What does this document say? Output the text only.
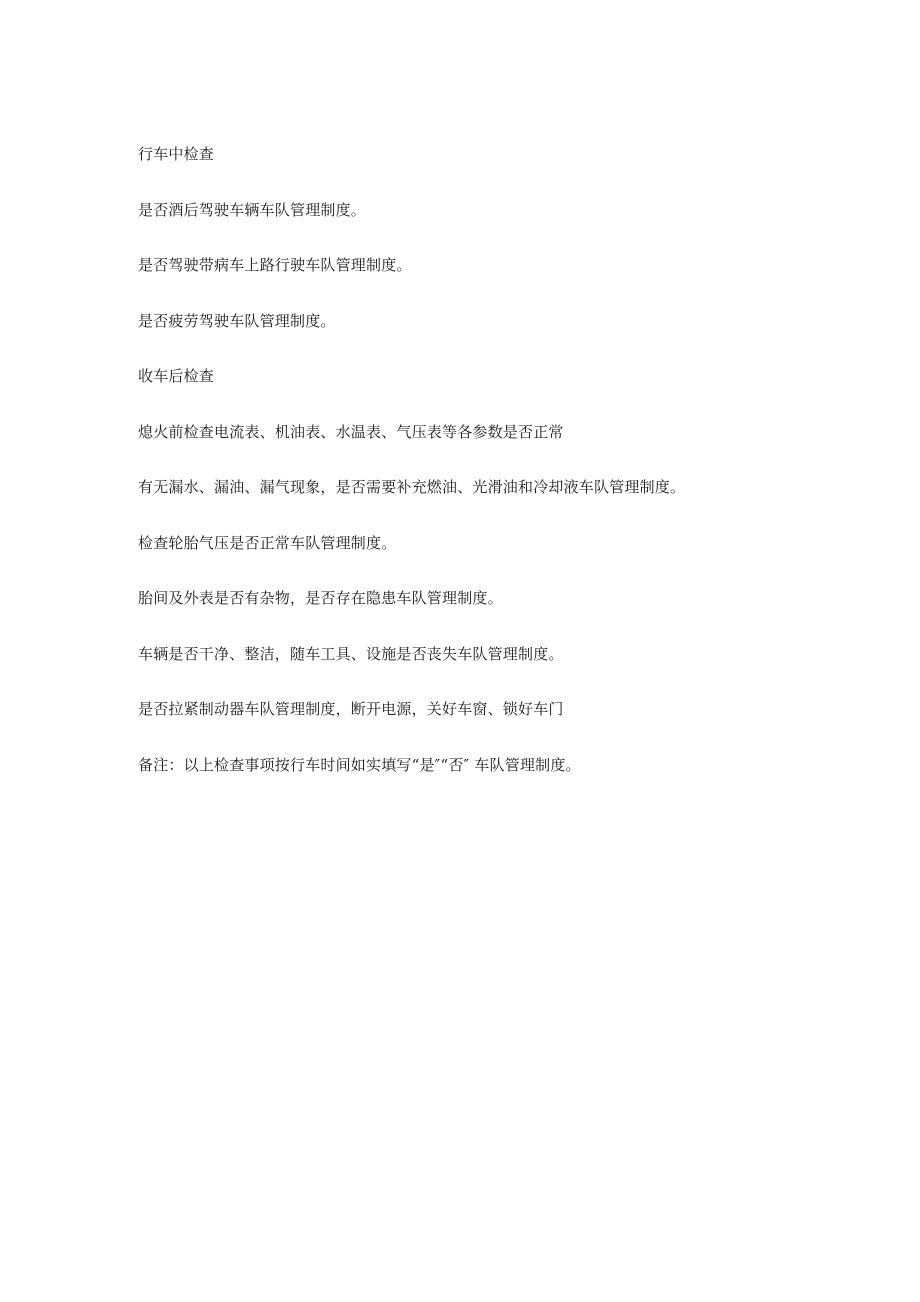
行车中检查

是否酒后驾驶车辆车队管理制度。

是否驾驶带病车上路行驶车队管理制度。

是否疲劳驾驶车队管理制度。

收车后检查

熄火前检查电流表、机油表、水温表、气压表等各参数是否正常

有无漏水、漏油、漏气现象，是否需要补充燃油、光滑油和冷却液车队管理制度。

检查轮胎气压是否正常车队管理制度。

胎间及外表是否有杂物，是否存在隐患车队管理制度。

车辆是否干净、整洁，随车工具、设施是否丧失车队管理制度。

是否拉紧制动器车队管理制度，断开电源，关好车窗、锁好车门

备注：以上检查事项按行车时间如实填写“是″“否″ 车队管理制度。
